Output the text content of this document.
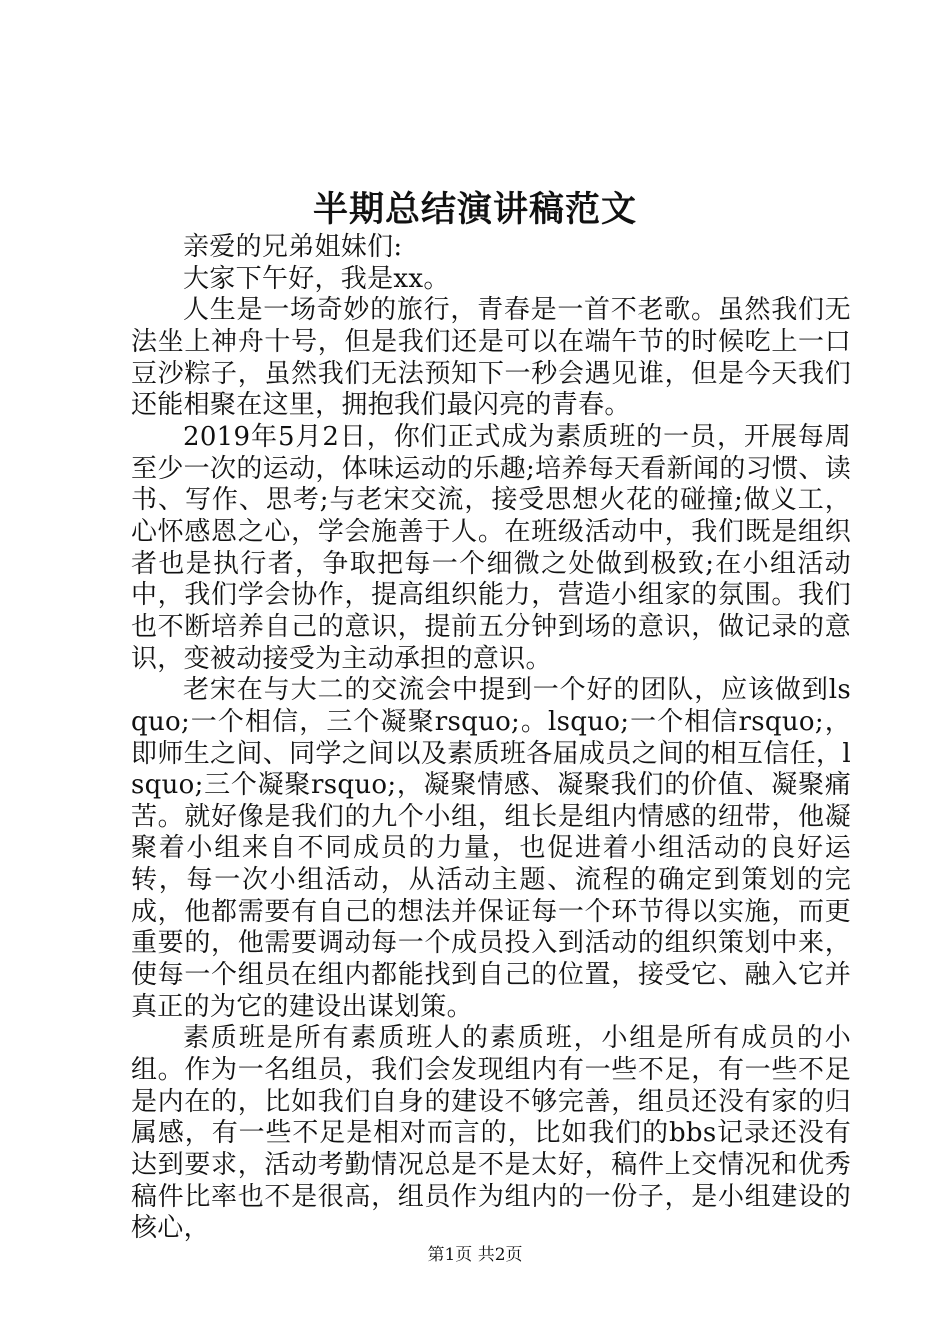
半期总结演讲稿范文

亲爱的兄弟姐妹们:

大家下午好，我是xx。

人生是一场奇妙的旅行，青春是一首不老歌。虽然我们无法坐上神舟十号，但是我们还是可以在端午节的时候吃上一口豆沙粽子，虽然我们无法预知下一秒会遇见谁，但是今天我们还能相聚在这里，拥抱我们最闪亮的青春。

2019年5月2日，你们正式成为素质班的一员，开展每周至少一次的运动，体味运动的乐趣;培养每天看新闻的习惯、读书、写作、思考;与老宋交流，接受思想火花的碰撞;做义工，心怀感恩之心，学会施善于人。在班级活动中，我们既是组织者也是执行者，争取把每一个细微之处做到极致;在小组活动中，我们学会协作，提高组织能力，营造小组家的氛围。我们也不断培养自己的意识，提前五分钟到场的意识，做记录的意识，变被动接受为主动承担的意识。

老宋在与大二的交流会中提到一个好的团队，应该做到lsquo;一个相信，三个凝聚rsquo;。lsquo;一个相信rsquo;，即师生之间、同学之间以及素质班各届成员之间的相互信任，lsquo;三个凝聚rsquo;，凝聚情感、凝聚我们的价值、凝聚痛苦。就好像是我们的九个小组，组长是组内情感的纽带，他凝聚着小组来自不同成员的力量，也促进着小组活动的良好运转，每一次小组活动，从活动主题、流程的确定到策划的完成，他都需要有自己的想法并保证每一个环节得以实施，而更重要的，他需要调动每一个成员投入到活动的组织策划中来，使每一个组员在组内都能找到自己的位置，接受它、融入它并真正的为它的建设出谋划策。

素质班是所有素质班人的素质班，小组是所有成员的小组。作为一名组员，我们会发现组内有一些不足，有一些不足是内在的，比如我们自身的建设不够完善，组员还没有家的归属感，有一些不足是相对而言的，比如我们的bbs记录还没有达到要求，活动考勤情况总是不是太好，稿件上交情况和优秀稿件比率也不是很高，组员作为组内的一份子，是小组建设的核心，

第1页 共2页
